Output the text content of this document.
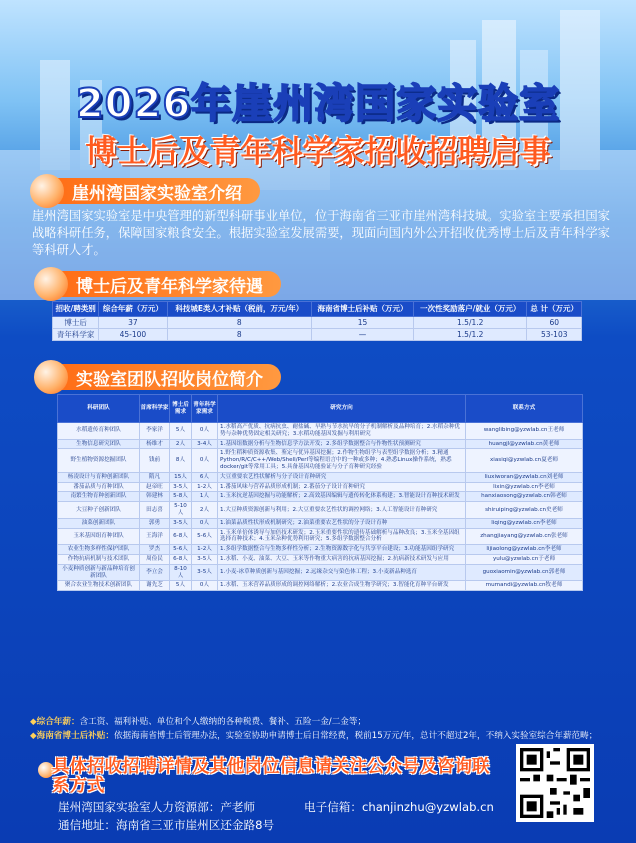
2026年崖州湾国家实验室
博士后及青年科学家招收招聘启事
崖州湾国家实验室介绍
崖州湾国家实验室是中央管理的新型科研事业单位，位于海南省三亚市崖州湾科技城。实验室主要承担国家战略科研任务，保障国家粮食安全。根据实验室发展需要，现面向国内外公开招收优秀博士后及青年科学家等科研人才。
博士后及青年科学家待遇
招收/聘类别	综合年薪（万元）	科技城E类人才补贴（税前，万元/年）	海南省博士后补贴（万元）	一次性奖励落户/就业（万元）	总 计（万元）
博士后	37	8	15	1.5/1.2	60
青年科学家	45-100	8	—	1.5/1.2	53-103
实验室团队招收岗位简介
科研团队	首席科学家	博士后需求	青年科学家需求	研究方向	联系方式
水稻遗传育种团队	李家洋	5人	0人	1.水稻高产优质、抗病抗虫、耐盐碱、早熟与节水抗旱的分子机制解析及品种培育；2.水稻杂种优势与杂种优势固定相关研究；3.水稻功能基因发掘与利用研究	wanglibing@yzwlab.cn王老师
生物信息研究团队	杨维才	2人	3-4人	1.基因组数据分析与生物信息学方法开发；2.多组学数据整合与作物性状预测研究	huangjl@yzwlab.cn黄老师
野生植物资源挖掘团队	钱前	8人	0人	1.野生稻种质资源收集、鉴定与优异基因挖掘；2.作物生物组学与表型组学数据分析；3.精通Python/R/C/C++/Web/Shell/Perl等编程语言中的一种或多种；4.熟悉Linux操作系统，熟悉docker/git等常用工具；5.具备基因功能验证与分子育种研究经验	xiasiqi@yzwlab.cn夏老师
杨凌设计与育种创新团队	隋凡	15人	6人	大豆重要农艺性状解析与分子设计育种研究	liuxiworan@yzwlab.cn刘老师
番茄品质与育种团队	赵帝旺	3-5人	1-2人	1.番茄风味与营养品质形成机制；2.番茄分子设计育种研究	lixin@yzwlab.cn李老师
南繁生物育种创新团队	韩建林	5-8人	1人	1.玉米抗逆基因挖掘与功能解析；2.高效基因编辑与遗传转化体系构建；3.智能设计育种技术研发	hanxiaosong@yzwlab.cn韩老师
大豆种子创新团队	田志喜	5-10人	2人	1.大豆种质资源创新与利用；2.大豆重要农艺性状的调控网络；3.人工智能设计育种研究	shiruiping@yzwlab.cn史老师
油菜创新团队	郭勇	3-5人	0人	1.油菜品质性状形成机制研究；2.油菜重要农艺性状的分子设计育种	liqing@yzwlab.cn李老师
玉米基因组育种团队	王海洋	6-8人	5-6人	1.玉米单倍体诱导与加倍技术研发；2.玉米重要性状的遗传基础解析与品种改良；3.玉米全基因组选择育种技术；4.玉米杂种优势利用研究；5.多组学数据整合分析	zhangjiayang@yzwlab.cn张老师
农业生物多样性保护团队	罗杰	5-6人	1-2人	1.多组学数据整合与生物多样性分析；2.生物资源数字化与共享平台建设；3.功能基因组学研究	lijiaolong@yzwlab.cn李老师
作物抗病机制与技术团队	周俭民	6-8人	3-5人	1.水稻、小麦、油菜、大豆、玉米等作物重大病害的抗病基因挖掘；2.抗病新技术研发与应用	yulu@yzwlab.cn于老师
小麦种质创新与新品种培育创新团队	李立会	8-10人	3-5人	1.小麦-冰草种质创新与基因挖掘；2.远缘杂交与染色体工程；3.小麦新品种选育	guoxiaomin@yzwlab.cn郭老师
聚合农业生物技术创新团队	谢先芝	5人	0人	1.水稻、玉米营养品质形成的调控网络解析；2.农业合成生物学研究；3.智能化育种平台研发	mumandi@yzwlab.cn牧老师
◆综合年薪：含工资、福利补贴、单位和个人缴纳的各种税费、餐补、五险一金/二金等；
◆海南省博士后补贴：依据海南省博士后管理办法，实验室协助申请博士后日常经费，税前15万元/年，总计不超过2年，不纳入实验室综合年薪范畴；
具体招收招聘详情及其他岗位信息请关注公众号及咨询联系方式
崖州湾国家实验室人力资源部：产老师	电子信箱：chanjinzhu@yzwlab.cn
通信地址：海南省三亚市崖州区还金路8号
